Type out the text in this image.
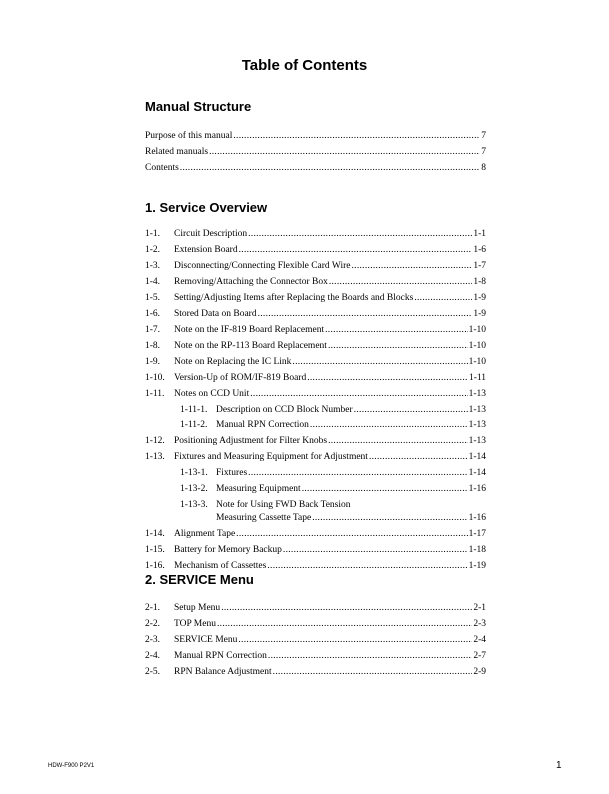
Table of Contents
Manual Structure
Purpose of this manual .....	7
Related manuals .....	7
Contents .....	8
1. Service Overview
1-1.	Circuit Description .....	1-1
1-2.	Extension Board .....	1-6
1-3.	Disconnecting/Connecting Flexible Card Wire .....	1-7
1-4.	Removing/Attaching the Connector Box .....	1-8
1-5.	Setting/Adjusting Items after Replacing the Boards and Blocks .....	1-9
1-6.	Stored Data on Board .....	1-9
1-7.	Note on the IF-819 Board Replacement .....	1-10
1-8.	Note on the RP-113 Board Replacement .....	1-10
1-9.	Note on Replacing the IC Link .....	1-10
1-10. Version-Up of ROM/IF-819 Board .....	1-11
1-11.	Notes on CCD Unit .....	1-13
1-11-1. Description on CCD Block Number .....	1-13
1-11-2. Manual RPN Correction .....	1-13
1-12. Positioning Adjustment for Filter Knobs .....	1-13
1-13. Fixtures and Measuring Equipment for Adjustment .....	1-14
1-13-1. Fixtures .....	1-14
1-13-2. Measuring Equipment .....	1-16
1-13-3. Note for Using FWD Back Tension
Measuring Cassette Tape .....	1-16
1-14. Alignment Tape .....	1-17
1-15. Battery for Memory Backup .....	1-18
1-16. Mechanism of Cassettes .....	1-19
2. SERVICE Menu
2-1.	Setup Menu .....	2-1
2-2.	TOP Menu .....	2-3
2-3.	SERVICE Menu .....	2-4
2-4.	Manual RPN Correction .....	2-7
2-5.	RPN Balance Adjustment .....	2-9
HDW-F900 P2V1	1
